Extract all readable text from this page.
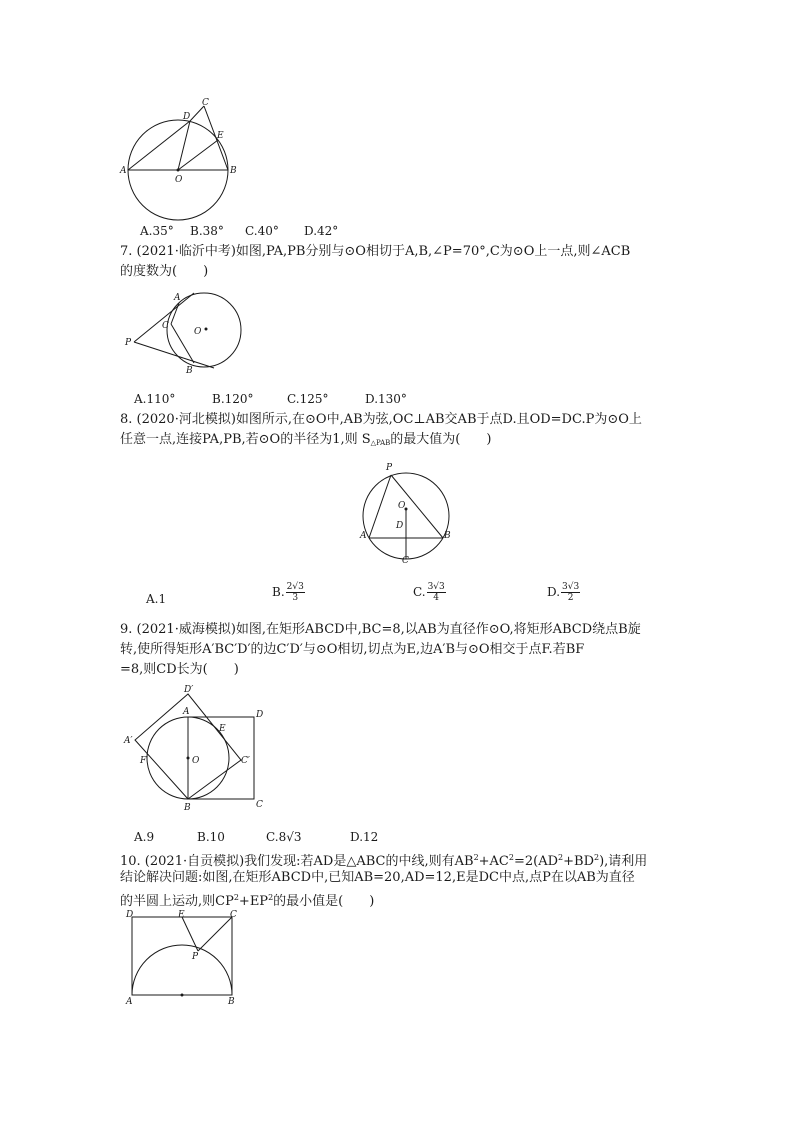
A	B
C
D
E
O
A.35° B.38° C.40° D.42°
7. (2021·临沂中考)如图,PA,PB分别与⊙O相切于A,B,∠P=70°,C为⊙O上一点,则∠ACB
的度数为(　　)
A
P
C
O
B
A.110°	B.120°	C.125°	D.130°
8. (2020·河北模拟)如图所示,在⊙O中,AB为弦,OC⊥AB交AB于点D.且OD=DC.P为⊙O上
任意一点,连接PA,PB,若⊙O的半径为1,则 $S_{\triangle PAB}$的最大值为(　　)
P
O
D
A	B
C
A.1	B. $\frac{2√3}{3}$	C. $\frac{3√3}{4}$	D. $\frac{3√3}{2}$
9. (2021·威海模拟)如图,在矩形ABCD中,BC=8,以AB为直径作⊙O,将矩形ABCD绕点B旋
转,使所得矩形A′BC′D′的边C′D′与⊙O相切,切点为E,边A′B与⊙O相交于点F.若BF
=8,则CD长为(　　)
D′
A	D
E
A′
F	O	C′
B	C
A.9	B.10	C.8√3	D.12
10. (2021·自贡模拟)我们发现:若AD是△ABC的中线,则有$AB^2+AC^2=2(AD^2+BD^2)$,请利用
结论解决问题:如图,在矩形ABCD中,已知AB=20,AD=12,E是DC中点,点P在以AB为直径
的半圆上运动,则$CP^2+EP^2$的最小值是(　　)
D	E	C
P
A	B
